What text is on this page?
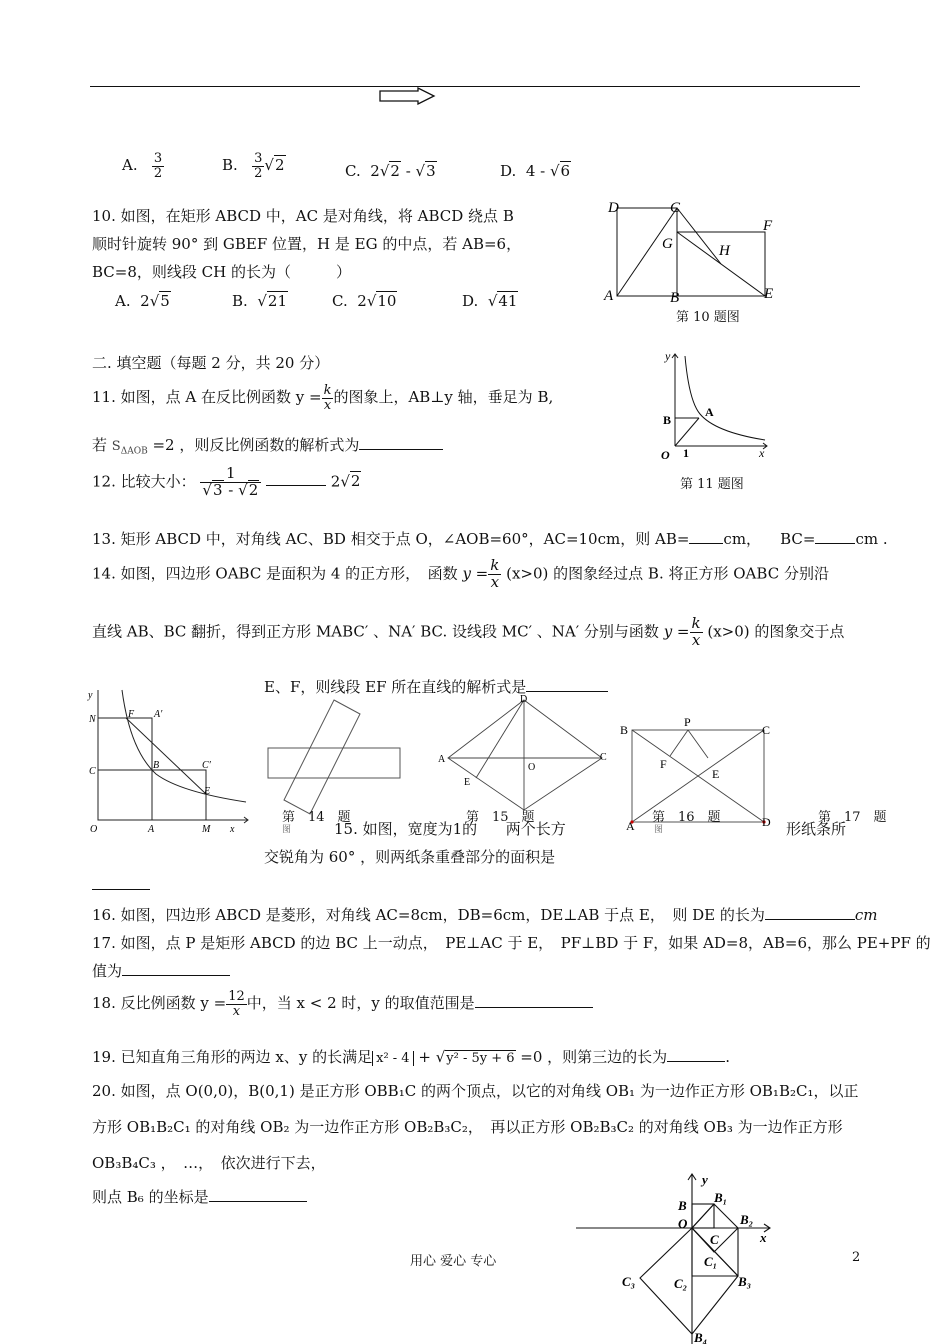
A. $\frac{3}{2}$	B. $\frac{3}{2} √2$	C. 2√2 - √3	D. 4 - √6
10. 如图，在矩形 ABCD 中，AC 是对角线，将 ABCD 绕点 B
顺时针旋转 90° 到 GBEF 位置，H 是 EG 的中点，若 AB=6，
BC=8，则线段 CH 的长为（　　　）
A. 2√5	B. √21	C. 2√10	D. √41
D	C
F
G	H
A	B	E
第 10 题图
二. 填空题（每题 2 分，共 20 分）
11. 如图，点 A 在反比例函数 $y = \frac{k}{x}$ 的图象上，AB⊥y 轴，垂足为 B,
若 $S_{\Delta AOB} =2$ ，则反比例函数的解析式为
y
B
A
O 1	x
第 11 题图
12. 比较大小： $\frac{1}{√3 - √2}$	2√2
13. 矩形 ABCD 中，对角线 AC、BD 相交于点 O，∠AOB=60°，AC=10cm，则 AB= cm， BC=	cm .
14. 如图，四边形 OABC 是面积为 4 的正方形，　函数 $y = \frac{k}{x} (x>0)$ 的图象经过点 B. 将正方形 OABC 分别沿
直线 AB、BC 翻折，得到正方形 MABC′ 、NA′ BC. 设线段 MC′ 、NA′ 分别与函数 $y = \frac{k}{x} (x>0)$ 的图象交于点
E、F，则线段 EF 所在直线的解析式是
y
N	F A′
C
B	C′
E
O	A	M x
D
A	C
E
O
B
P
C
F
E
A	D
第　14　题
图
第　15　题	第　16　题
图
第　17　题
15. 如图，宽度为1的 两个长方	形纸条所
交锐角为 60° ，则两纸条重叠部分的面积是
16. 如图，四边形 ABCD 是菱形，对角线 AC=8cm，DB=6cm，DE⊥AB 于点 E，　则 DE 的长为	cm
17. 如图，点 P 是矩形 ABCD 的边 BC 上一动点，　PE⊥AC 于 E，　PF⊥BD 于 F，如果 AD=8，AB=6，那么 PE+PF 的
值为
18. 反比例函数 $y = \frac{12}{x}$ 中，当 x < 2 时，y 的取值范围是
19. 已知直角三角形的两边 x、y 的长满足 x² - 4 + √y² - 5y + 6 =0 ，则第三边的长为	.
20. 如图，点 O(0,0)，B(0,1) 是正方形 OBB₁C 的两个顶点，以它的对角线 OB₁ 为一边作正方形 OB₁B₂C₁，以正
方形 OB₁B₂C₁ 的对角线 OB₂ 为一边作正方形 OB₂B₃C₂，　再以正方形 OB₂B₃C₂ 的对角线 OB₃ 为一边作正方形
OB₃B₄C₃ ，　…，　依次进行下去，
则点 B₆ 的坐标是
y
B
B₁
O	B₂
C	x
C₁
C₃	C₂	B₃
B₄
用心 爱心 专心	2
